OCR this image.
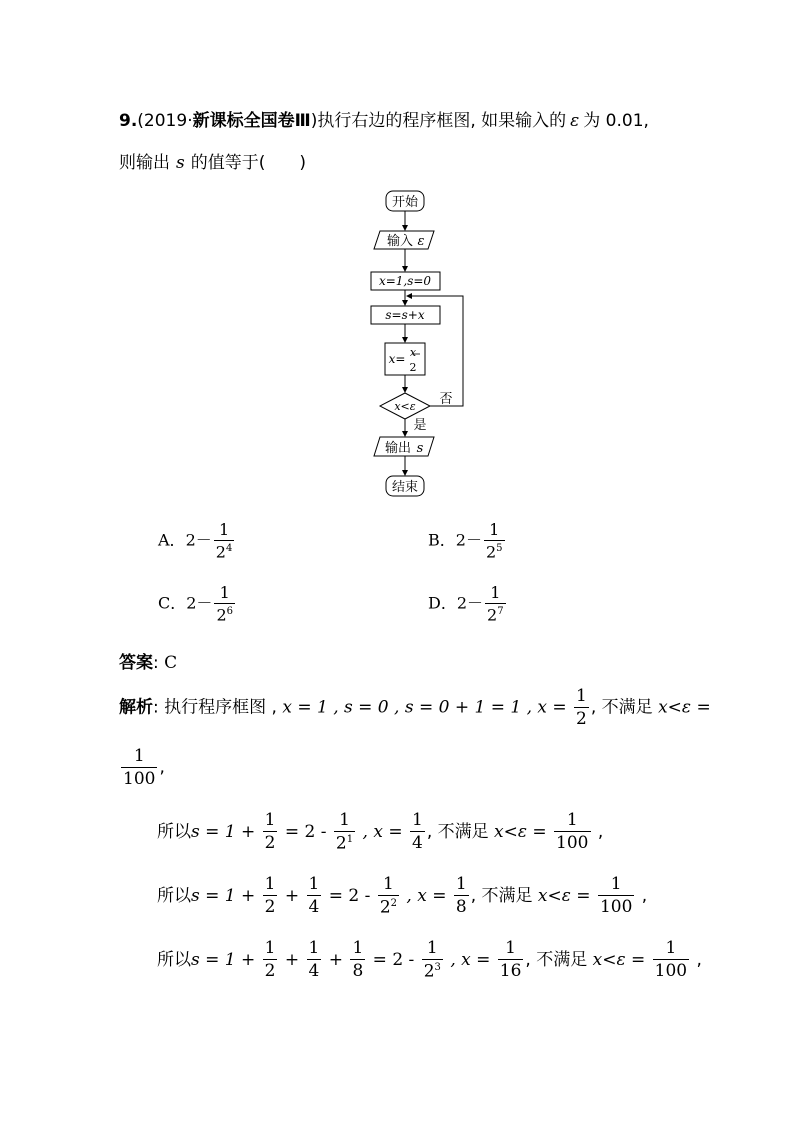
9.(2019·新课标全国卷Ⅲ)执行右边的程序框图, 如果输入的 ε 为 0.01,
则输出 s 的值等于(　　)
开始
输入 ε
x=1,s=0
s=s+x
x= x
2
x<ε
是
否
输出 s
结束
A．$2- \frac{1}{2^4}$	B．$2- \frac{1}{2^5}$
C．$2- \frac{1}{2^6}$	D．$2- \frac{1}{2^7}$
答案: C
解析: 执行程序框图 , x = 1 , s = 0 , s = 0 + 1 = 1 , $x = \frac{1}{2}$ , 不满足 x<ε =
$\frac{1}{100}$ ,
所以$s = 1 + \frac{1}{2} = 2 - \frac{1}{2^1}$ , $x = \frac{1}{4}$ , 不满足 $x<\varepsilon = \frac{1}{100}$ ,
所以$s = 1 + \frac{1}{2} + \frac{1}{4} = 2 - \frac{1}{2^2}$ , $x = \frac{1}{8}$ , 不满足 $x<\varepsilon = \frac{1}{100}$ ,
所以$s = 1 + \frac{1}{2} + \frac{1}{4} + \frac{1}{8} = 2 - \frac{1}{2^3}$ , $x = \frac{1}{16}$ , 不满足 $x<\varepsilon = \frac{1}{100}$ ,
